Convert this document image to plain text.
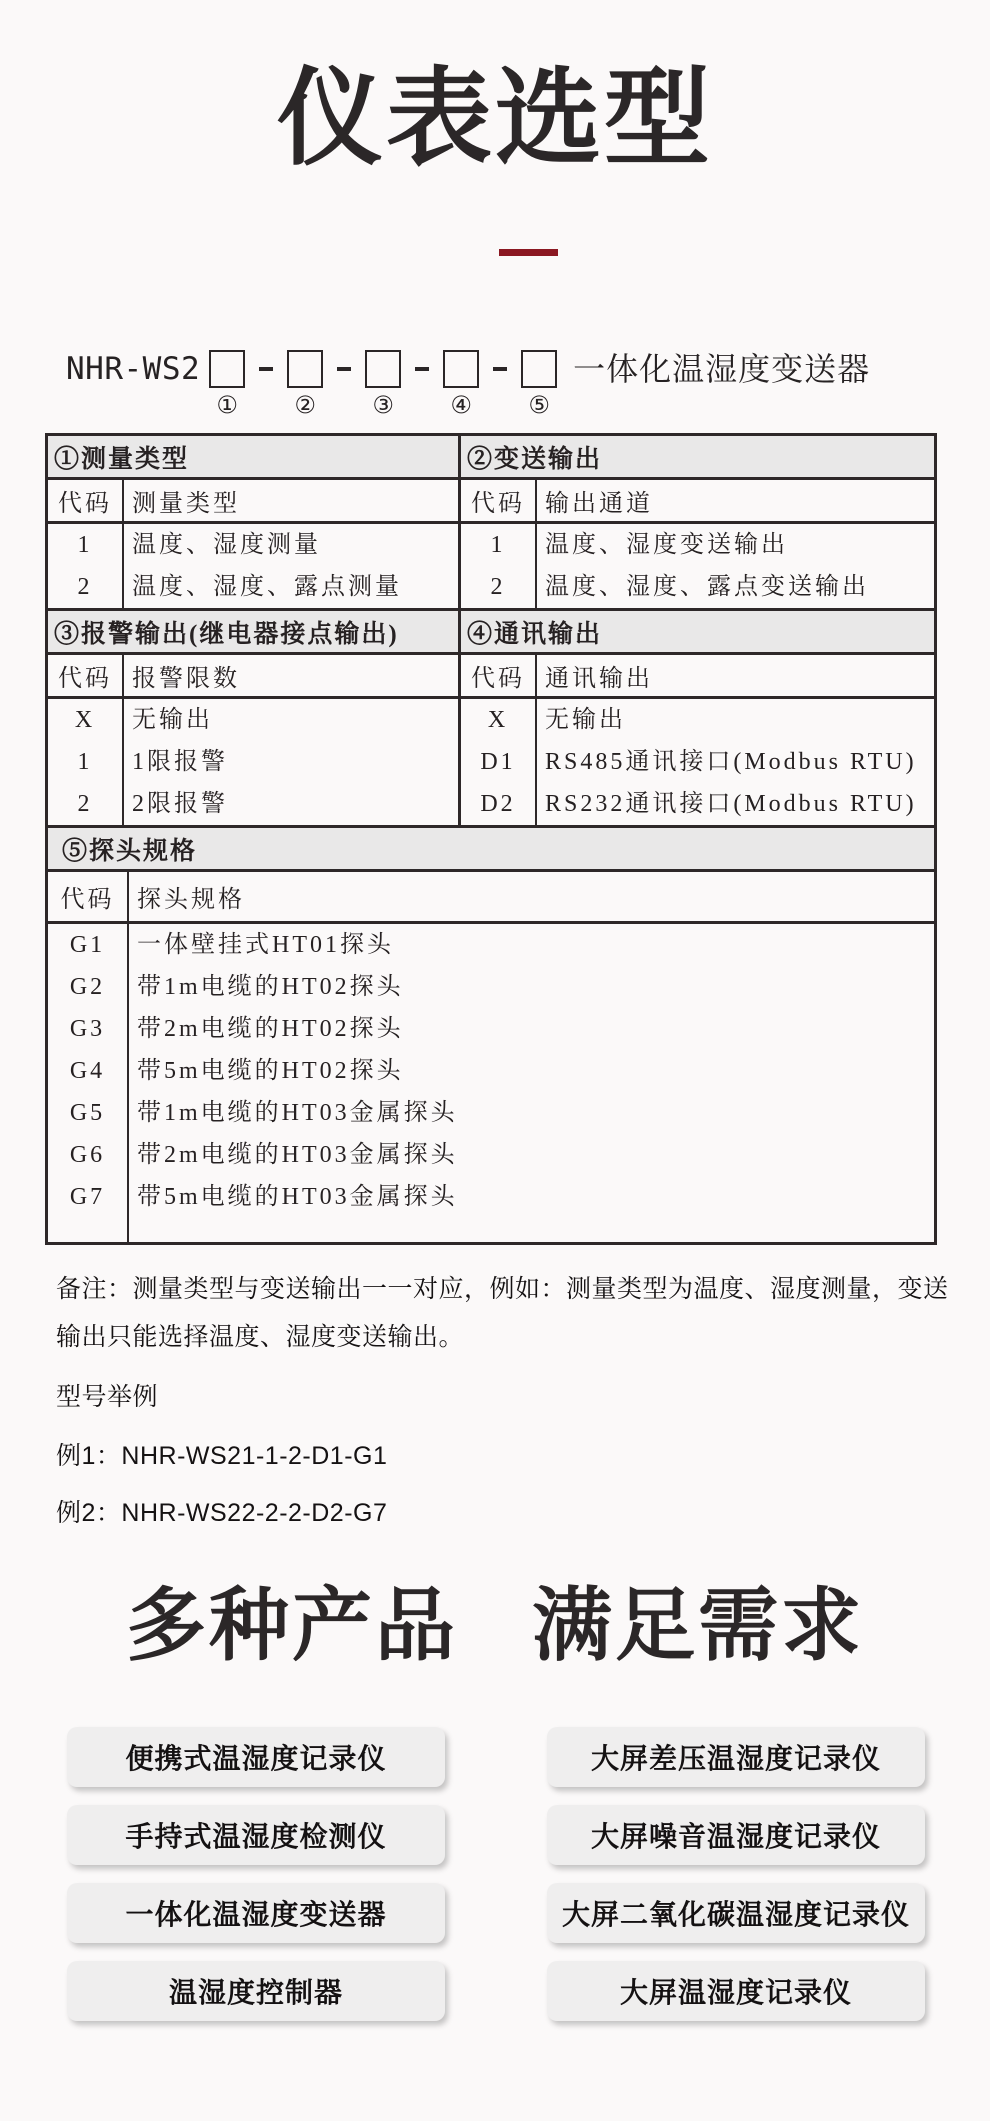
仪表选型
NHR-WS2
① ② ③ ④ ⑤
一体化温湿度变送器
①测量类型
代码 测量类型
1
2
温度、湿度测量
温度、湿度、露点测量
②变送输出
代码 输出通道
1
2
温度、湿度变送输出
温度、湿度、露点变送输出
③报警输出(继电器接点输出)
代码 报警限数
X
1
2
无输出
1限报警
2限报警
④通讯输出
代码 通讯输出
X
D1
D2
无输出
RS485通讯接口(Modbus RTU)
RS232通讯接口(Modbus RTU)
⑤探头规格
代码 探头规格
G1
G2
G3
G4
G5
G6
G7
一体壁挂式HT01探头
带1m电缆的HT02探头
带2m电缆的HT02探头
带5m电缆的HT02探头
带1m电缆的HT03金属探头
带2m电缆的HT03金属探头
带5m电缆的HT03金属探头
备注：测量类型与变送输出一一对应，例如：测量类型为温度、湿度测量，变送
输出只能选择温度、湿度变送输出。
型号举例
例1：NHR-WS21-1-2-D1-G1
例2：NHR-WS22-2-2-D2-G7
多种产品 满足需求
便携式温湿度记录仪
手持式温湿度检测仪
一体化温湿度变送器
温湿度控制器
大屏差压温湿度记录仪
大屏噪音温湿度记录仪
大屏二氧化碳温湿度记录仪
大屏温湿度记录仪
